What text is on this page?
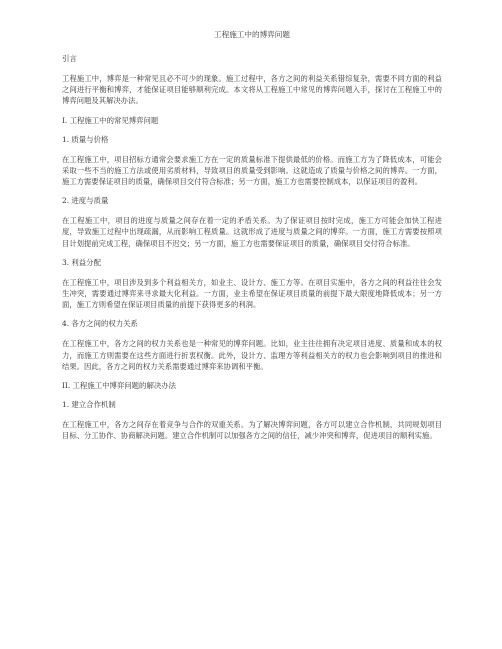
工程施工中的博弈问题
引言
工程施工中，博弈是一种常见且必不可少的现象。施工过程中，各方之间的利益关系错综复杂，需要不同方面的利益之间进行平衡和博弈，才能保证项目能够顺利完成。本文将从工程施工中常见的博弈问题入手，探讨在工程施工中的博弈问题及其解决办法。
I. 工程施工中的常见博弈问题
1. 质量与价格
在工程施工中，项目招标方通常会要求施工方在一定的质量标准下提供最低的价格。而施工方为了降低成本，可能会采取一些不当的施工方法或使用劣质材料，导致项目的质量受到影响。这就造成了质量与价格之间的博弈。一方面，施工方需要保证项目的质量，确保项目交付符合标准；另一方面，施工方也需要控制成本，以保证项目的盈利。
2. 进度与质量
在工程施工中，项目的进度与质量之间存在着一定的矛盾关系。为了保证项目按时完成，施工方可能会加快工程进度，导致施工过程中出现疏漏，从而影响工程质量。这就形成了进度与质量之间的博弈。一方面，施工方需要按照项目计划提前完成工程，确保项目不迟交；另一方面，施工方也需要保证项目的质量，确保项目交付符合标准。
3. 利益分配
在工程施工中，项目涉及到多个利益相关方，如业主、设计方、施工方等。在项目实施中，各方之间的利益往往会发生冲突，需要通过博弈来寻求最大化利益。一方面，业主希望在保证项目质量的前提下最大限度地降低成本；另一方面，施工方则希望在保证项目质量的前提下获得更多的利润。
4. 各方之间的权力关系
在工程施工中，各方之间的权力关系也是一种常见的博弈问题。比如，业主往往拥有决定项目进度、质量和成本的权力，而施工方则需要在这些方面进行折衷权衡。此外，设计方、监理方等利益相关方的权力也会影响到项目的推进和结果。因此，各方之间的权力关系需要通过博弈来协调和平衡。
II. 工程施工中博弈问题的解决办法
1. 建立合作机制
在工程施工中，各方之间存在着竞争与合作的双重关系。为了解决博弈问题，各方可以建立合作机制，共同规划项目目标、分工协作、协商解决问题。建立合作机制可以加强各方之间的信任，减少冲突和博弈，促进项目的顺利实施。
